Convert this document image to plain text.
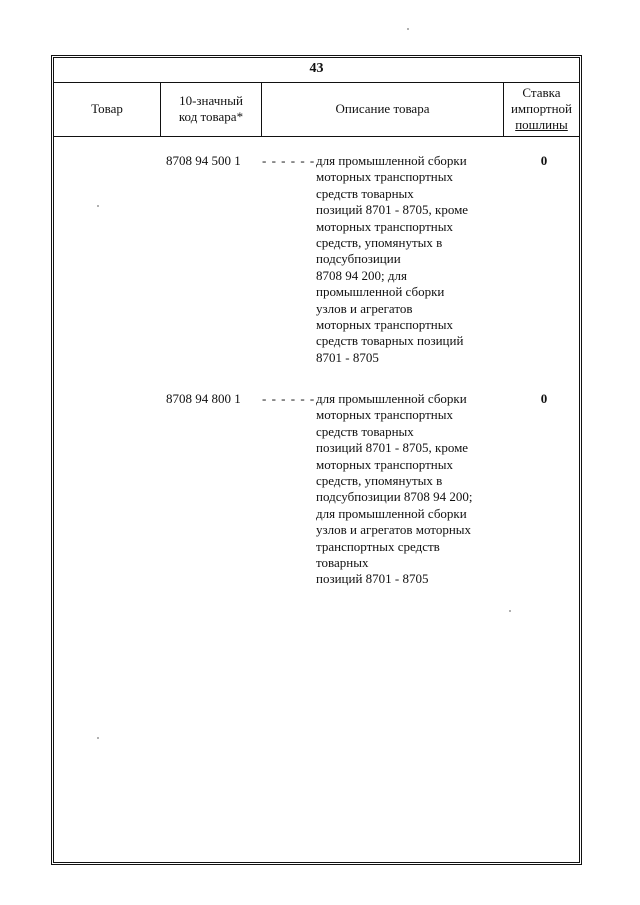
43
Товар
10-значный
код товара*
Описание товара
Ставка
импортной
пошлины
8708 94 500 1 - - - - - - для промышленной сборки
моторных транспортных
средств товарных
позиций 8701 - 8705, кроме
моторных транспортных
средств, упомянутых в
подсубпозиции
8708 94 200; для
промышленной сборки
узлов и агрегатов
моторных транспортных
средств товарных позиций
8701 - 8705
0
8708 94 800 1 - - - - - - для промышленной сборки
моторных транспортных
средств товарных
позиций 8701 - 8705, кроме
моторных транспортных
средств, упомянутых в
подсубпозиции 8708 94 200;
для промышленной сборки
узлов и агрегатов моторных
транспортных средств
товарных
позиций 8701 - 8705
0
